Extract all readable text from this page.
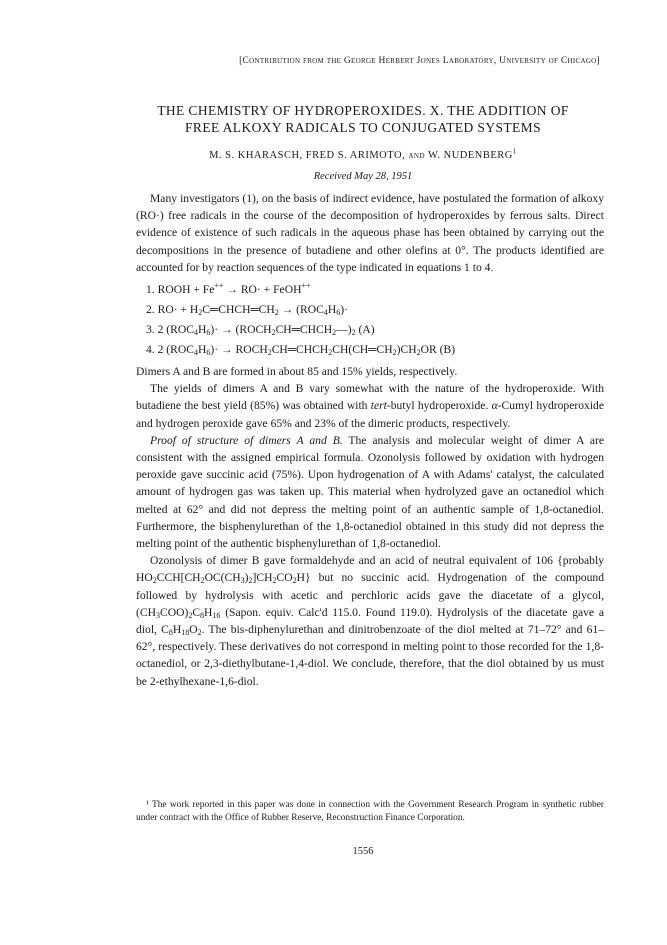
[Contribution from the George Herbert Jones Laboratory, University of Chicago]
THE CHEMISTRY OF HYDROPEROXIDES. X. THE ADDITION OF
FREE ALKOXY RADICALS TO CONJUGATED SYSTEMS
M. S. KHARASCH, FRED S. ARIMOTO, and W. NUDENBERG$^1$
Received May 28, 1951

Many investigators (1), on the basis of indirect evidence, have postulated the formation of alkoxy (RO·) free radicals in the course of the decomposition of hydroperoxides by ferrous salts. Direct evidence of existence of such radicals in the aqueous phase has been obtained by carrying out the decompositions in the presence of butadiene and other olefins at 0°. The products identified are accounted for by reaction sequences of the type indicated in equations 1 to 4.

1. ROOH + Fe++ → RO· + FeOH++
2. $RO\cdot + H_2C═CHCH═CH_2 \to (ROC_4H_6)\cdot$
3. 2 $(ROC_4H_6)\cdot$ → $(ROCH_2CH═CHCH_2—)_2$ (A)
4. 2 $(ROC_4H_6)\cdot$ → $ROCH_2CH═CHCH_2CH(CH═CH_2)CH_2OR$ (B)

Dimers A and B are formed in about 85 and 15% yields, respectively.

The yields of dimers A and B vary somewhat with the nature of the hydroperoxide. With butadiene the best yield (85%) was obtained with tert-butyl hydroperoxide. α-Cumyl hydroperoxide and hydrogen peroxide gave 65% and 23% of the dimeric products, respectively.

Proof of structure of dimers A and B. The analysis and molecular weight of dimer A are consistent with the assigned empirical formula. Ozonolysis followed by oxidation with hydrogen peroxide gave succinic acid (75%). Upon hydrogenation of A with Adams' catalyst, the calculated amount of hydrogen gas was taken up. This material when hydrolyzed gave an octanediol which melted at 62° and did not depress the melting point of an authentic sample of 1,8-octanediol. Furthermore, the bisphenylurethan of the 1,8-octanediol obtained in this study did not depress the melting point of the authentic bisphenylurethan of 1,8-octanediol.

Ozonolysis of dimer B gave formaldehyde and an acid of neutral equivalent of 106 {probably $HO_2CCH[CH_2OC(CH_3)_2]CH_2CO_2H$} but no succinic acid. Hydrogenation of the compound followed by hydrolysis with acetic and perchloric acids gave the diacetate of a glycol, $(CH_3COO)_2C_8H_{16}$ (Sapon. equiv. Calc'd 115.0. Found 119.0). Hydrolysis of the diacetate gave a diol, $C_8H_{18}O_2$. The bis-diphenylurethan and dinitrobenzoate of the diol melted at 71–72° and 61–62°, respectively. These derivatives do not correspond in melting point to those recorded for the 1,8-octanediol, or 2,3-diethylbutane-1,4-diol. We conclude, therefore, that the diol obtained by us must be 2-ethylhexane-1,6-diol.

¹ The work reported in this paper was done in connection with the Government Research Program in synthetic rubber under contract with the Office of Rubber Reserve, Reconstruction Finance Corporation.
1556
